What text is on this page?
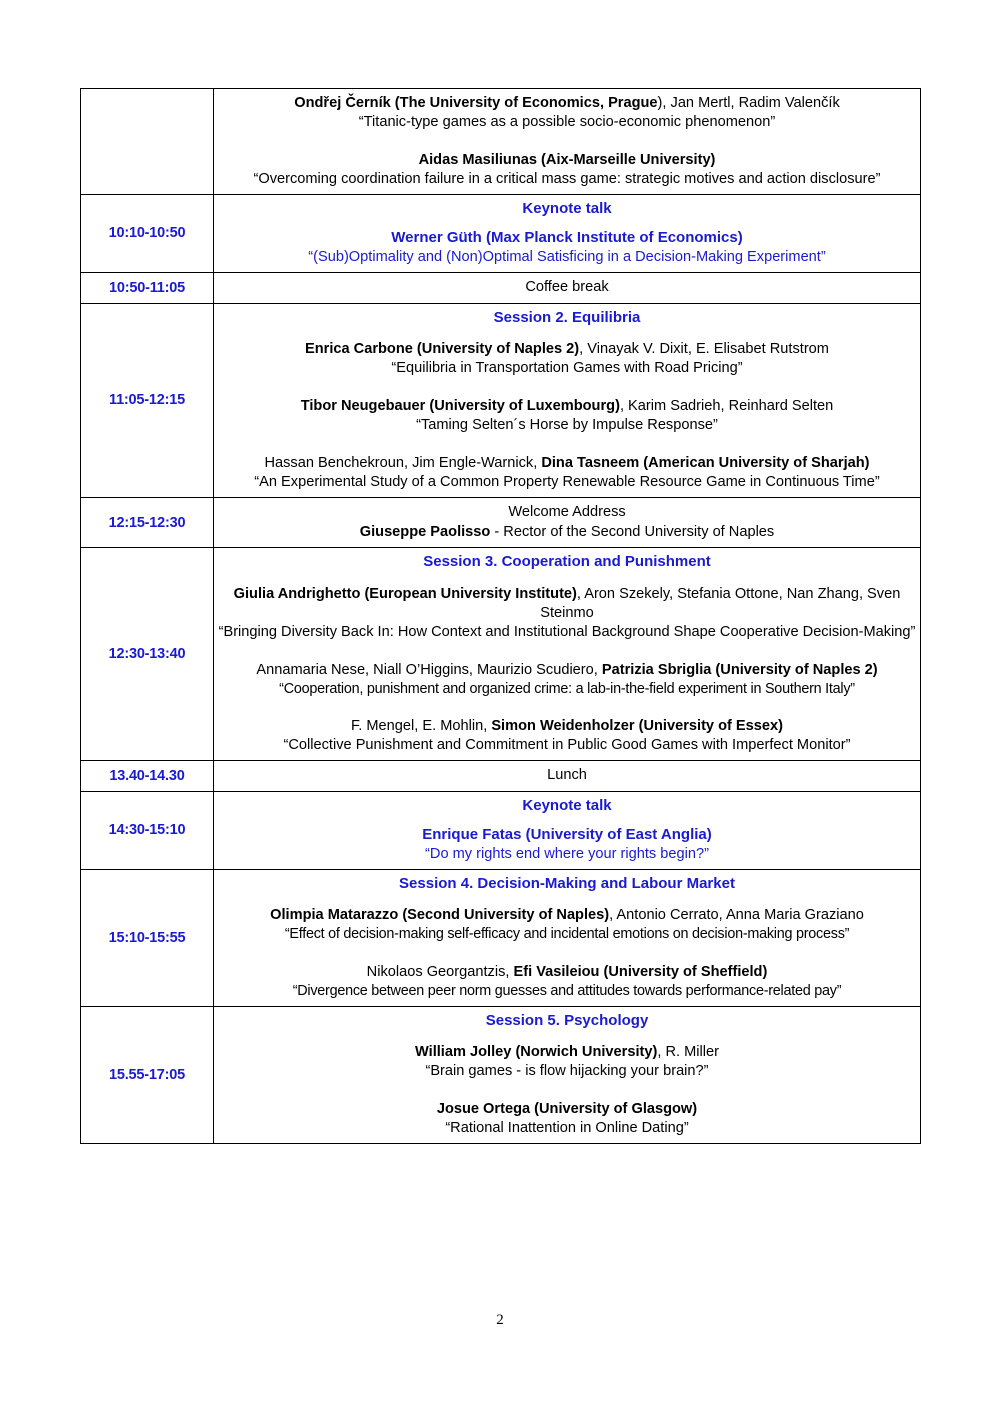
	Ondřej Černík (The University of Economics, Prague), Jan Mertl, Radim Valenčík
“Titanic-type games as a possible socio-economic phenomenon”
Aidas Masiliunas (Aix-Marseille University)
“Overcoming coordination failure in a critical mass game: strategic motives and action disclosure”

10:10-10:50	Keynote talk
Werner Güth (Max Planck Institute of Economics)
“(Sub)Optimality and (Non)Optimal Satisficing in a Decision-Making Experiment”

10:50-11:05	Coffee break

11:05-12:15	
Session 2. Equilibria
Enrica Carbone (University of Naples 2), Vinayak V. Dixit, E. Elisabet Rutstrom
“Equilibria in Transportation Games with Road Pricing”
Tibor Neugebauer (University of Luxembourg), Karim Sadrieh, Reinhard Selten
“Taming Selten´s Horse by Impulse Response”
Hassan Benchekroun, Jim Engle-Warnick, Dina Tasneem (American University of Sharjah)
“An Experimental Study of a Common Property Renewable Resource Game in Continuous Time”

12:15-12:30	Welcome Address
Giuseppe Paolisso - Rector of the Second University of Naples

12:30-13:40	
Session 3. Cooperation and Punishment
Giulia Andrighetto (European University Institute), Aron Szekely, Stefania Ottone, Nan Zhang, Sven Steinmo
“Bringing Diversity Back In: How Context and Institutional Background Shape Cooperative Decision-Making”
Annamaria Nese, Niall O’Higgins, Maurizio Scudiero, Patrizia Sbriglia (University of Naples 2)
“Cooperation, punishment and organized crime: a lab-in-the-field experiment in Southern Italy”
F. Mengel, E. Mohlin, Simon Weidenholzer (University of Essex)
“Collective Punishment and Commitment in Public Good Games with Imperfect Monitor”

13.40-14.30	Lunch

14:30-15:10	Keynote talk
Enrique Fatas (University of East Anglia)
“Do my rights end where your rights begin?”

15:10-15:55	Session 4. Decision-Making and Labour Market
Olimpia Matarazzo (Second University of Naples), Antonio Cerrato, Anna Maria Graziano
“Effect of decision-making self-efficacy and incidental emotions on decision-making process”
Nikolaos Georgantzis, Efi Vasileiou (University of Sheffield)
“Divergence between peer norm guesses and attitudes towards performance-related pay”

15.55-17:05	Session 5. Psychology
William Jolley (Norwich University), R. Miller
“Brain games - is flow hijacking your brain?”
Josue Ortega (University of Glasgow)
“Rational Inattention in Online Dating”
2
